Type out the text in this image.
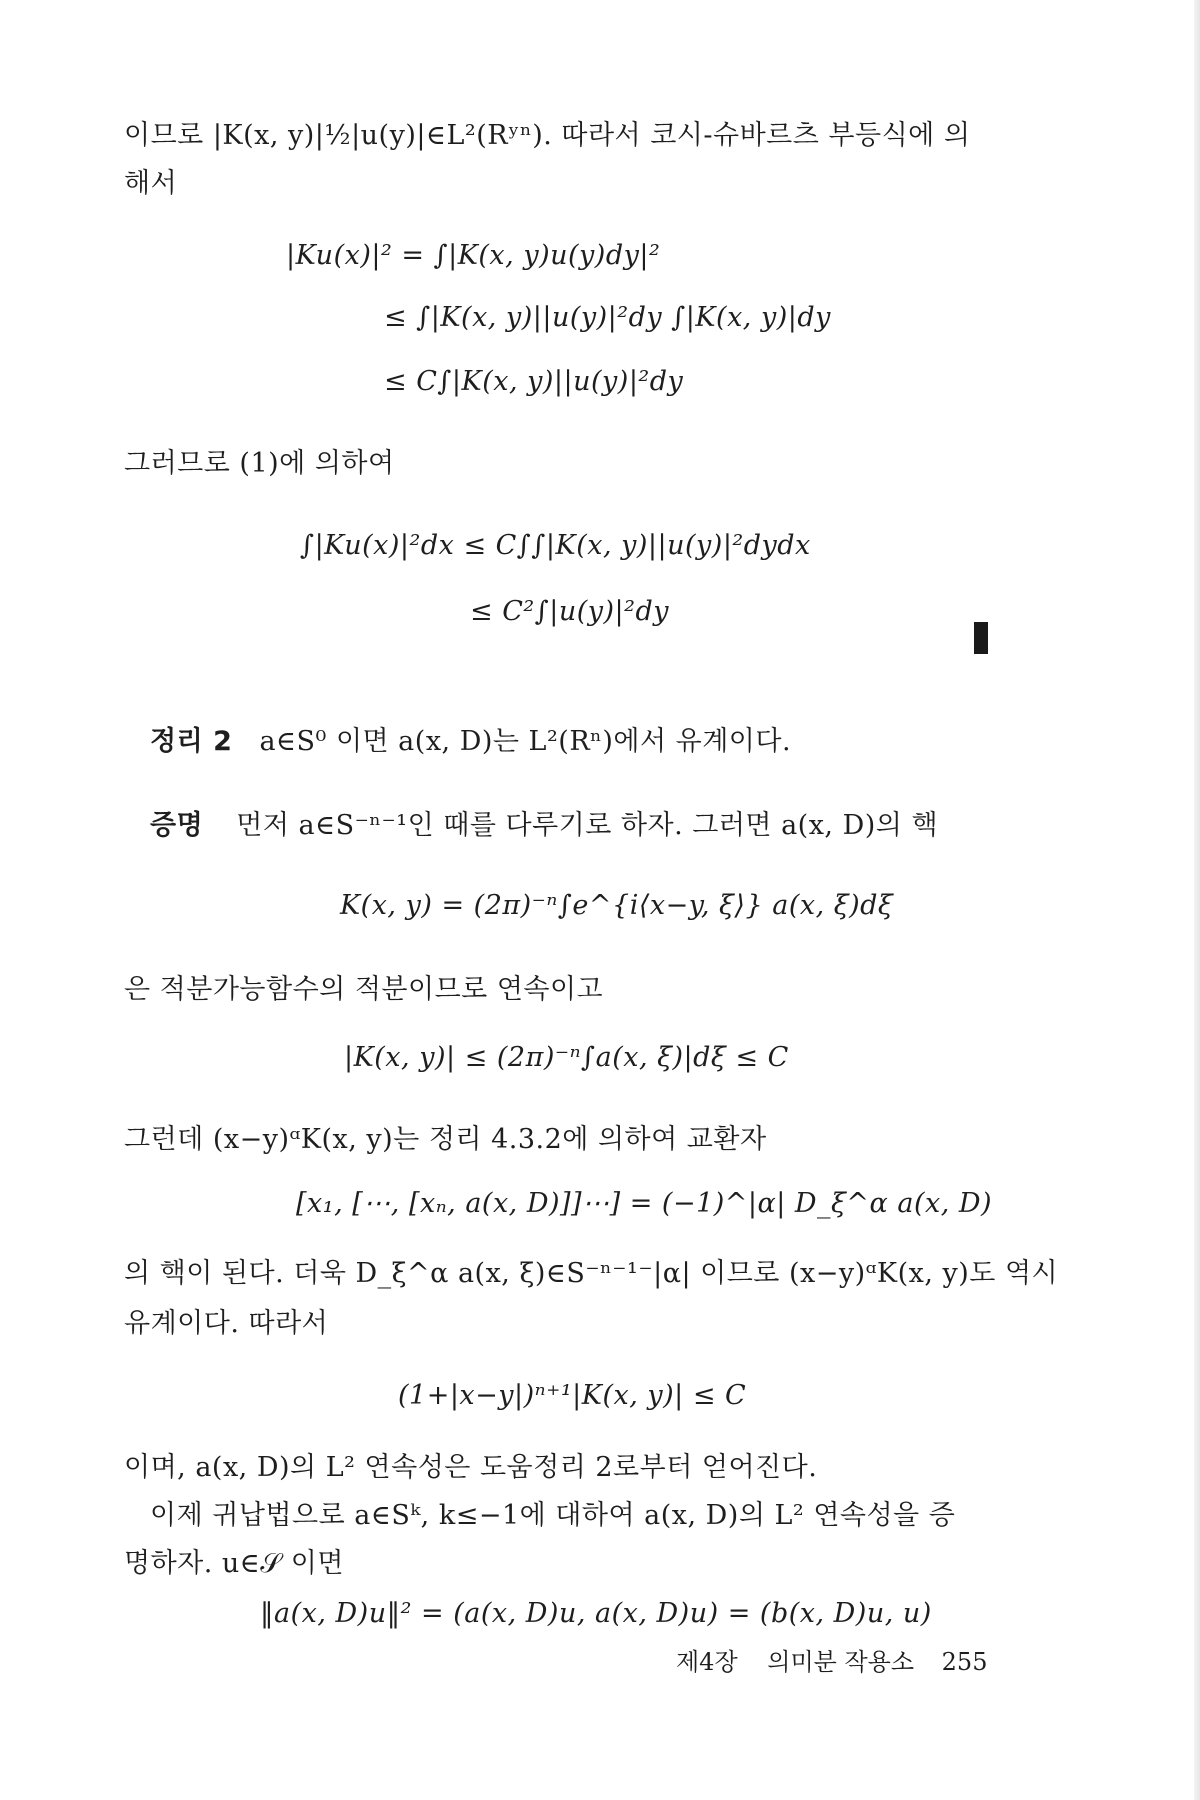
이므로 |K(x, y)|½|u(y)|∈L²(Rʸⁿ). 따라서 코시-슈바르츠 부등식에 의
해서
|Ku(x)|² = ∫|K(x, y)u(y)dy|²
≤ ∫|K(x, y)||u(y)|²dy ∫|K(x, y)|dy
≤ C∫|K(x, y)||u(y)|²dy
그러므로 (1)에 의하여
∫|Ku(x)|²dx ≤ C∫∫|K(x, y)||u(y)|²dydx
≤ C²∫|u(y)|²dy
정리 2 a∈S⁰ 이면 a(x, D)는 L²(Rⁿ)에서 유계이다.
증명 먼저 a∈S⁻ⁿ⁻¹인 때를 다루기로 하자. 그러면 a(x, D)의 핵
K(x, y) = (2π)⁻ⁿ∫e^{i⟨x−y, ξ⟩} a(x, ξ)dξ
은 적분가능함수의 적분이므로 연속이고
|K(x, y)| ≤ (2π)⁻ⁿ∫a(x, ξ)|dξ ≤ C
그런데 (x−y)ᵅK(x, y)는 정리 4.3.2에 의하여 교환자
[x₁, [⋯, [xₙ, a(x, D)]]⋯] = (−1)^|α| D_ξ^α a(x, D)
의 핵이 된다. 더욱 D_ξ^α a(x, ξ)∈S⁻ⁿ⁻¹⁻|α| 이므로 (x−y)ᵅK(x, y)도 역시
유계이다. 따라서
(1+|x−y|)ⁿ⁺¹|K(x, y)| ≤ C
이며, a(x, D)의 L² 연속성은 도움정리 2로부터 얻어진다.
이제 귀납법으로 a∈Sᵏ, k≤−1에 대하여 a(x, D)의 L² 연속성을 증
명하자. u∈𝒮 이면
‖a(x, D)u‖² = (a(x, D)u, a(x, D)u) = (b(x, D)u, u)
제4장 의미분 작용소 255
